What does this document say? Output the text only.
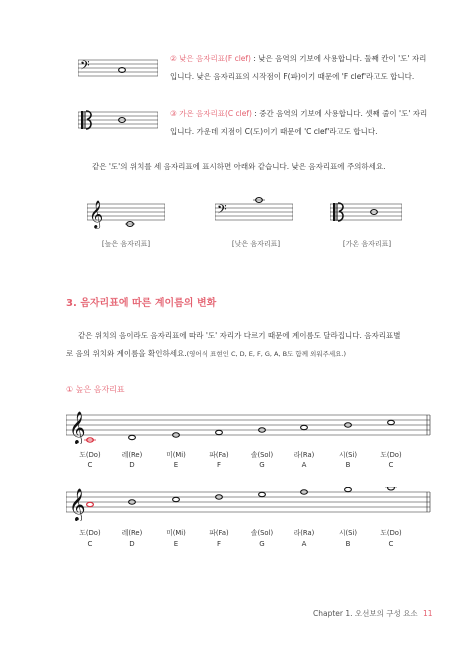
𝄢	② 낮은 음자리표(F clef) : 낮은 음역의 기보에 사용합니다. 둘째 칸이 '도' 자리
입니다. 낮은 음자리표의 시작점이 F(파)이기 때문에 'F clef'라고도 합니다.
③ 가온 음자리표(C clef) : 중간 음역의 기보에 사용합니다. 셋째 줄이 '도' 자리
입니다. 가운데 지점이 C(도)이기 때문에 'C clef'라고도 합니다.
같은 '도'의 위치를 세 음자리표에 표시하면 아래와 같습니다. 낮은 음자리표에 주의하세요.
𝄞
[높은 음자리표]
𝄢
[낮은 음자리표]	[가온 음자리표]
3. 음자리표에 따른 계이름의 변화
같은 위치의 음이라도 음자리표에 따라 '도' 자리가 다르기 때문에 계이름도 달라집니다. 음자리표별
로 음의 위치와 계이름을 확인하세요.(영어식 표현인 C, D, E, F, G, A, B도 함께 외워주세요.)
① 높은 음자리표
𝄞
도(Do)	레(Re)	미(Mi)	파(Fa)	솔(Sol)	라(Ra)	시(Si)	도(Do)
C	D	E	F	G	A	B	C
𝄞
도(Do)	레(Re)	미(Mi)	파(Fa)	솔(Sol)	라(Ra)	시(Si)	도(Do)
C	D	E	F	G	A	B	C
Chapter 1. 오선보의 구성 요소 11
